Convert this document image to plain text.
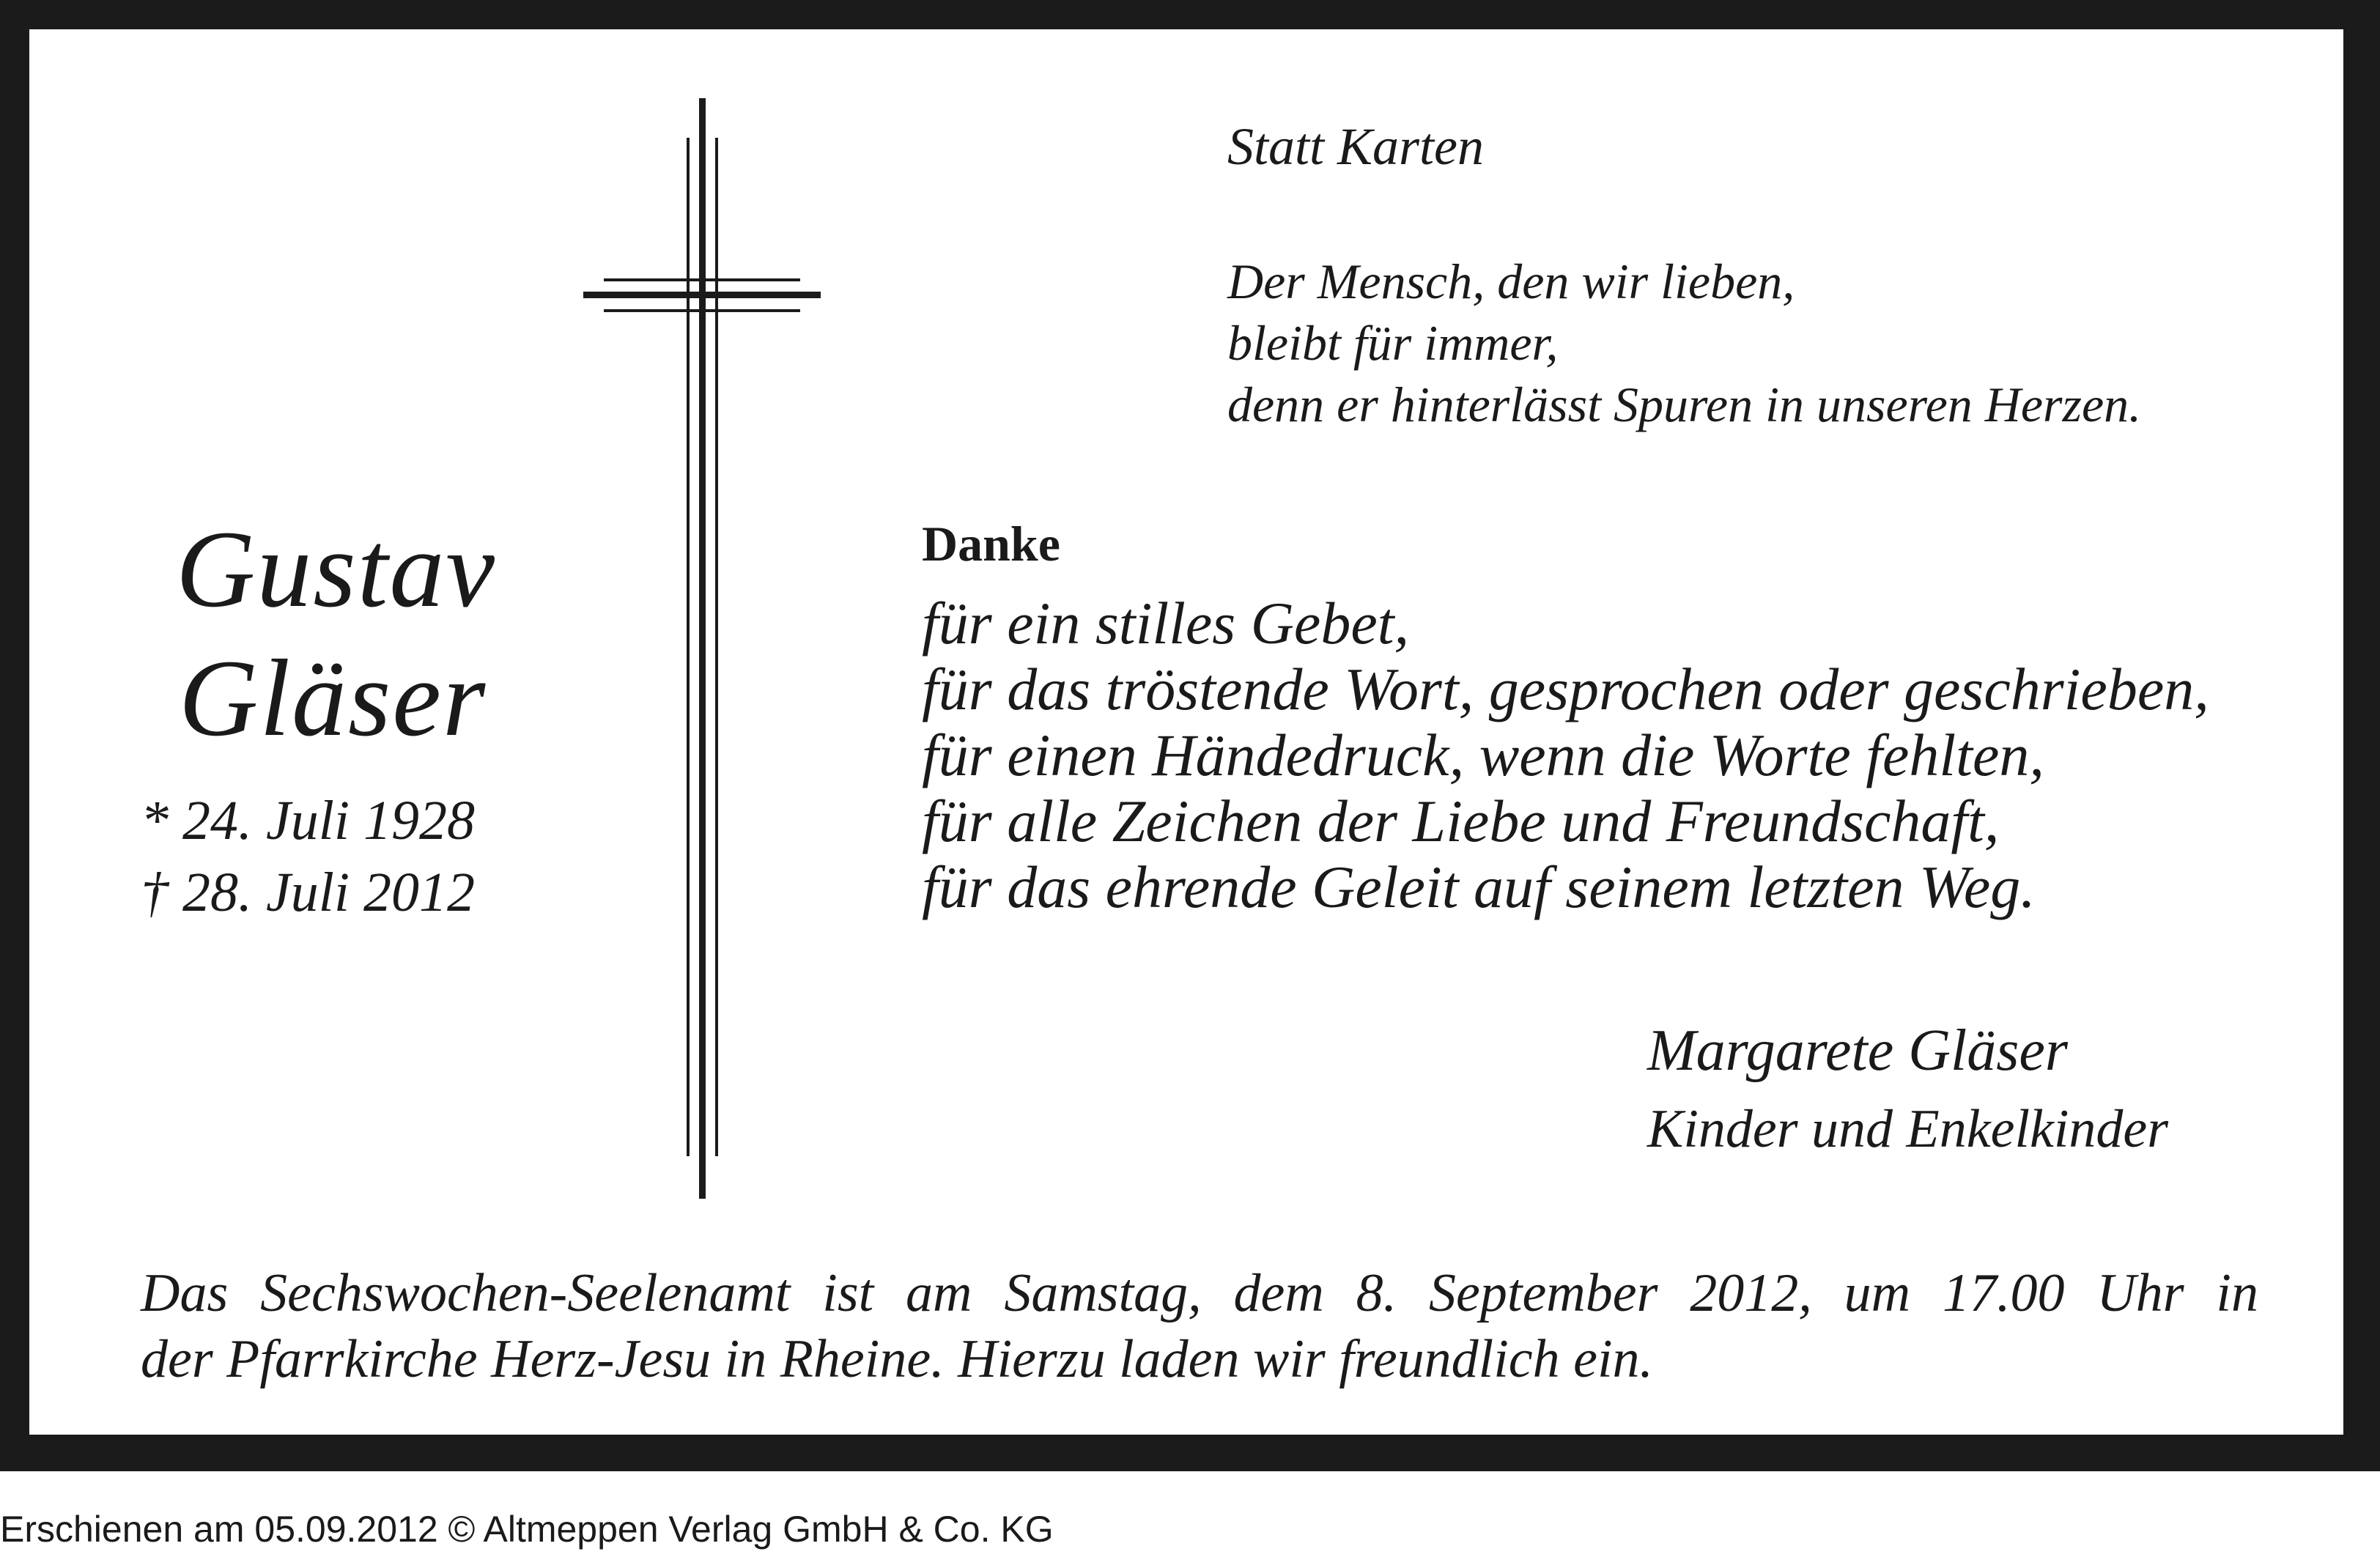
Statt Karten

Der Mensch, den wir lieben,

bleibt für immer,

denn er hinterlässt Spuren in unseren Herzen.

Gustav

Gläser

* 24. Juli 1928

† 28. Juli 2012

Danke

für ein stilles Gebet,

für das tröstende Wort, gesprochen oder geschrieben,

für einen Händedruck, wenn die Worte fehlten,

für alle Zeichen der Liebe und Freundschaft,

für das ehrende Geleit auf seinem letzten Weg.

Margarete Gläser

Kinder und Enkelkinder

Das Sechswochen-Seelenamt ist am Samstag, dem 8. September 2012, um 17.00 Uhr in

der Pfarrkirche Herz-Jesu in Rheine. Hierzu laden wir freundlich ein.

Erschienen am 05.09.2012 © Altmeppen Verlag GmbH & Co. KG
